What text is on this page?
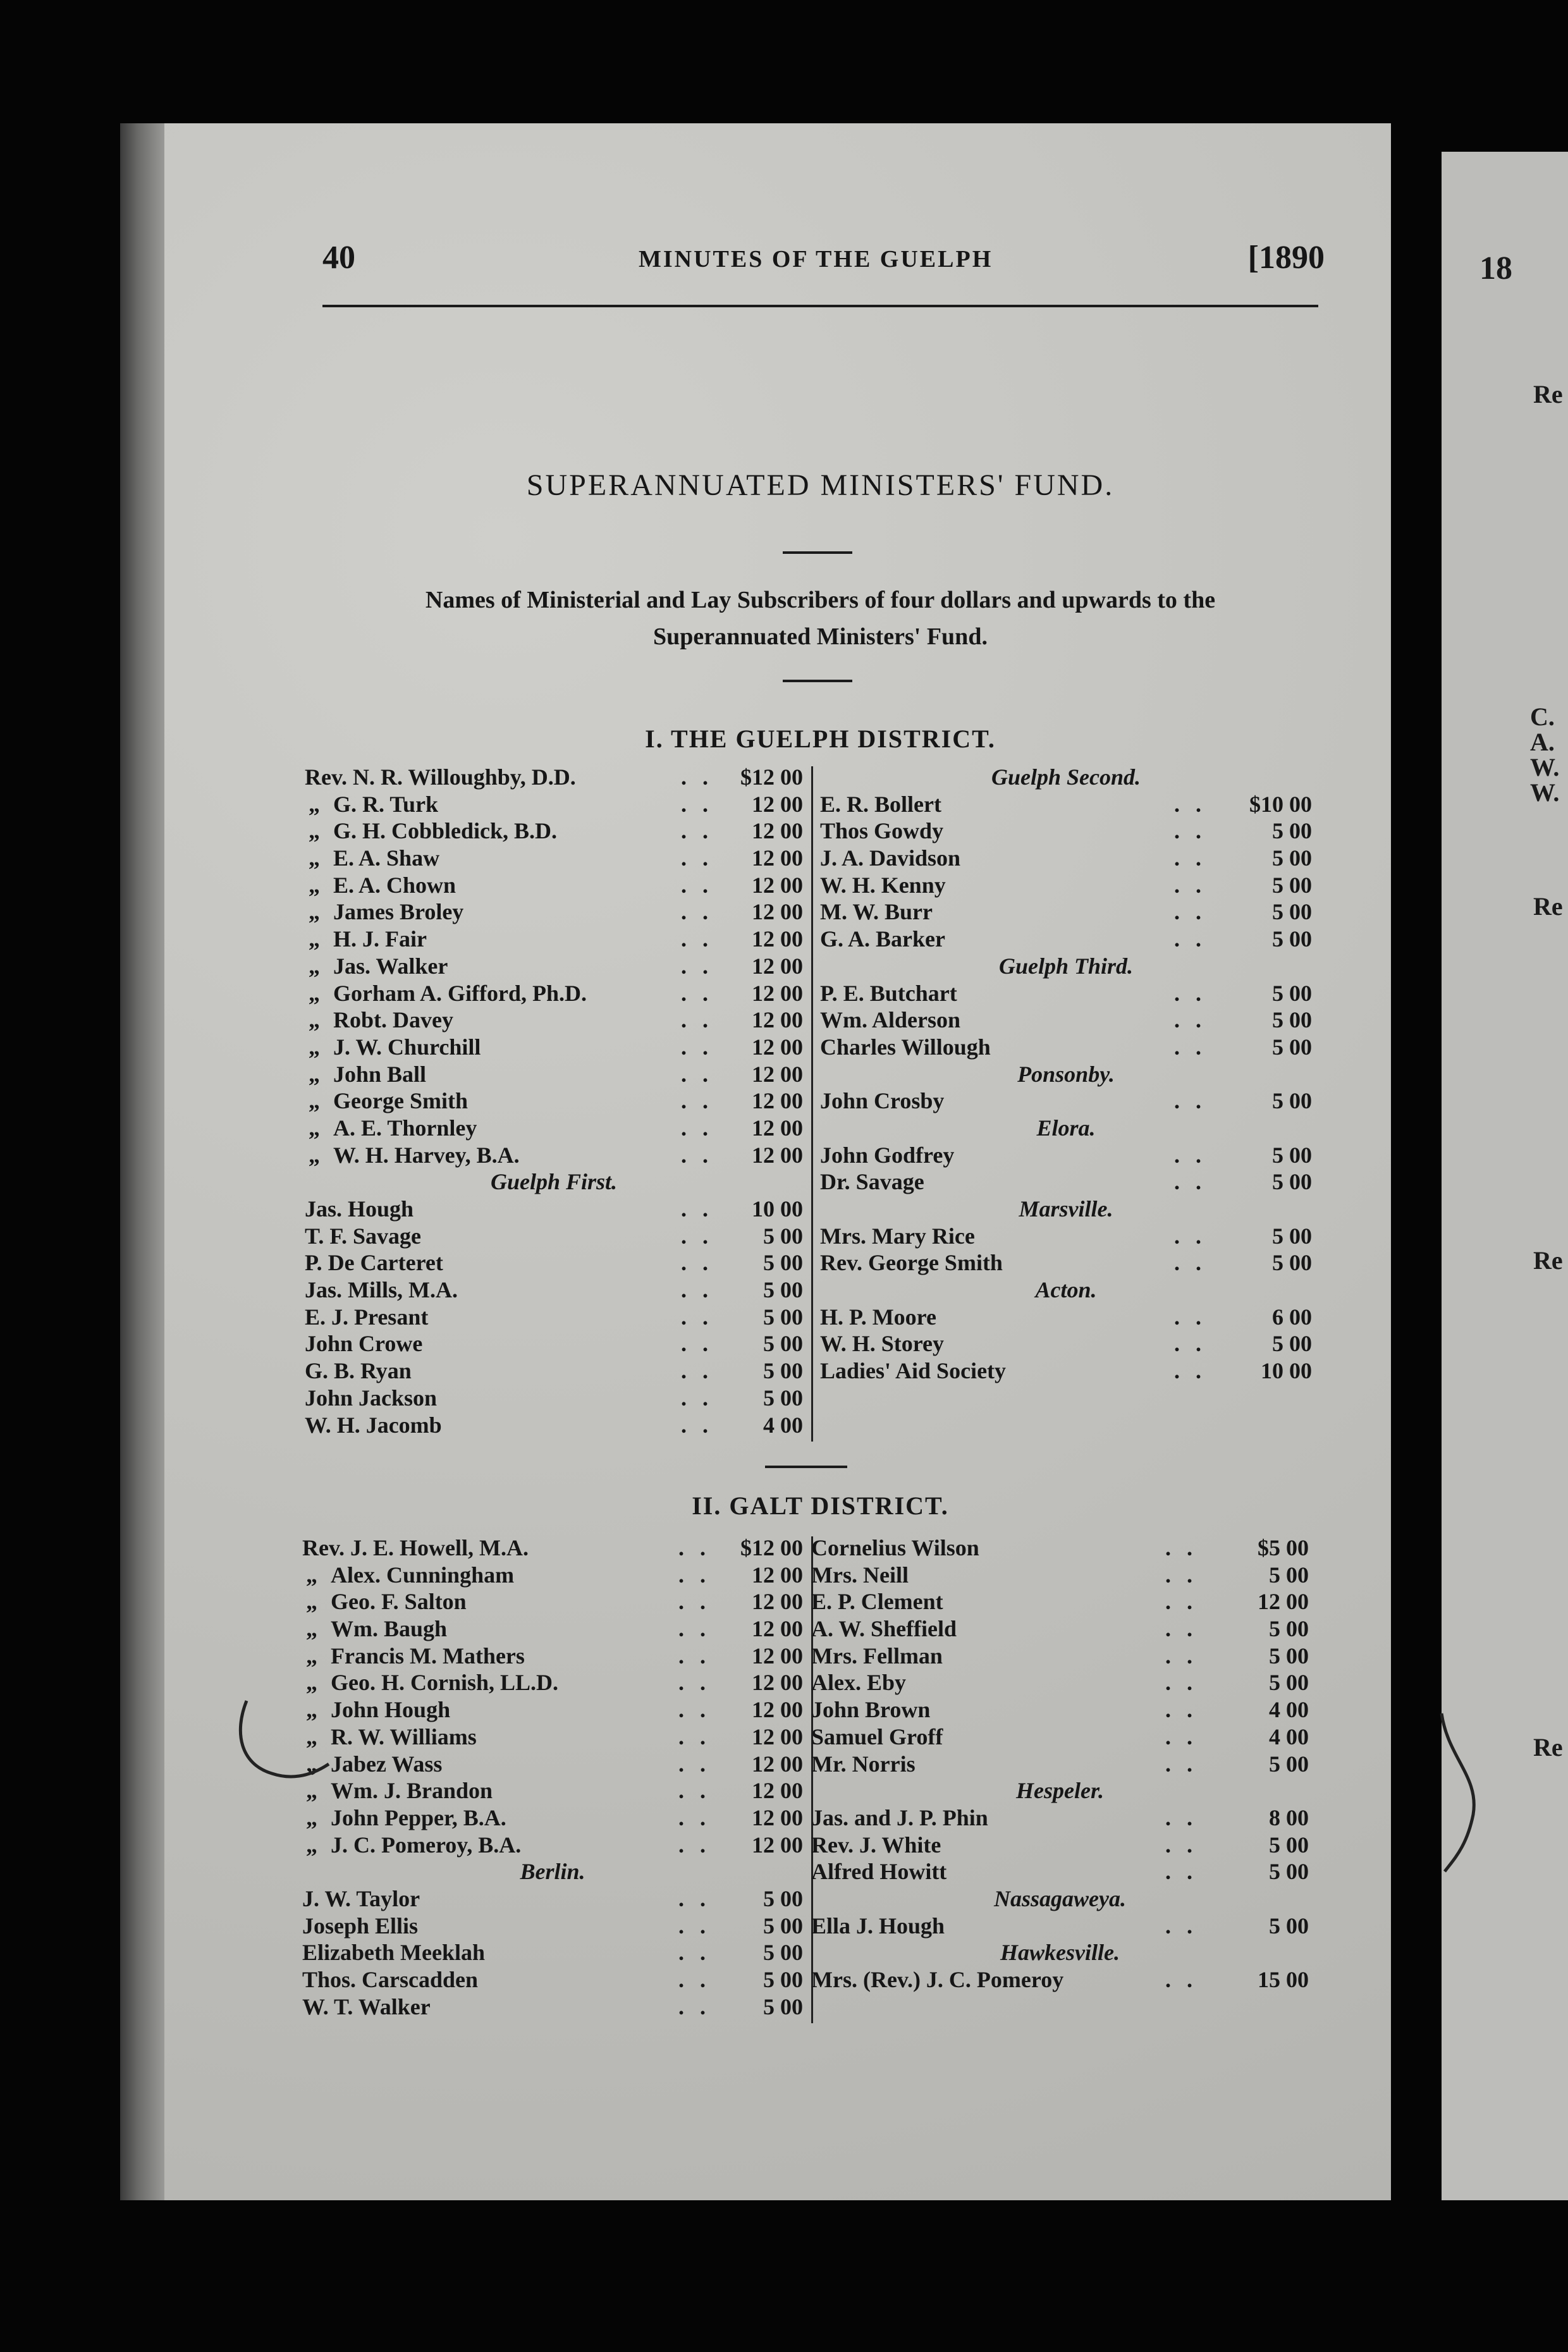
18
Re
C.
A.
W.
W.
Re
Re
Re
40	MINUTES OF THE GUELPH	[1890
SUPERANNUATED MINISTERS' FUND.
Names of Ministerial and Lay Subscribers of four dollars and upwards to the
Superannuated Ministers' Fund.
I. THE GUELPH DISTRICT.
Rev. N. R. Willoughby, D.D.	. . $12 00
„ G. R. Turk	. . 12 00
„ G. H. Cobbledick, B.D.	. . 12 00
„ E. A. Shaw	. . 12 00
„ E. A. Chown	. . 12 00
„ James Broley	. . 12 00
„ H. J. Fair	. . 12 00
„ Jas. Walker	. . 12 00
„ Gorham A. Gifford, Ph.D.	. . 12 00
„ Robt. Davey	. . 12 00
„ J. W. Churchill	. . 12 00
„ John Ball	. . 12 00
„ George Smith	. . 12 00
„ A. E. Thornley	. . 12 00
„ W. H. Harvey, B.A.	. . 12 00
Guelph First.
Jas. Hough	. . 10 00
T. F. Savage	. . 5 00
P. De Carteret	. . 5 00
Jas. Mills, M.A.	. . 5 00
E. J. Presant	. . 5 00
John Crowe	. . 5 00
G. B. Ryan	. . 5 00
John Jackson	. . 5 00
W. H. Jacomb	. . 4 00
Guelph Second.
E. R. Bollert	. . $10 00
Thos Gowdy	. .	5 00
J. A. Davidson	. .	5 00
W. H. Kenny	. .	5 00
M. W. Burr	. .	5 00
G. A. Barker	. .	5 00
Guelph Third.
P. E. Butchart	. .	5 00
Wm. Alderson	. .	5 00
Charles Willough	. .	5 00
Ponsonby.
John Crosby	. .	5 00
Elora.
John Godfrey	. .	5 00
Dr. Savage	. .	5 00
Marsville.
Mrs. Mary Rice	. .	5 00
Rev. George Smith	. .	5 00
Acton.
H. P. Moore	. .	6 00
W. H. Storey	. .	5 00
Ladies' Aid Society	. . 10 00
II. GALT DISTRICT.
Rev. J. E. Howell, M.A.	. . $12 00
„ Alex. Cunningham	. . 12 00
„ Geo. F. Salton	. . 12 00
„ Wm. Baugh	. . 12 00
„ Francis M. Mathers	. . 12 00
„ Geo. H. Cornish, LL.D.	. . 12 00
„ John Hough	. . 12 00
„ R. W. Williams	. . 12 00
„ Jabez Wass	. . 12 00
„ Wm. J. Brandon	. . 12 00
„ John Pepper, B.A.	. . 12 00
„ J. C. Pomeroy, B.A.	. . 12 00
Berlin.
J. W. Taylor	. . 5 00
Joseph Ellis	. . 5 00
Elizabeth Meeklah	. . 5 00
Thos. Carscadden	. . 5 00
W. T. Walker	. . 5 00
Cornelius Wilson	. .	$5 00
Mrs. Neill	. .	5 00
E. P. Clement	. .	12 00
A. W. Sheffield	. .	5 00
Mrs. Fellman	. .	5 00
Alex. Eby	. .	5 00
John Brown	. .	4 00
Samuel Groff	. .	4 00
Mr. Norris	. .	5 00
Hespeler.
Jas. and J. P. Phin	. .	8 00
Rev. J. White	. .	5 00
Alfred Howitt	. .	5 00
Nassagaweya.
Ella J. Hough	. .	5 00
Hawkesville.
Mrs. (Rev.) J. C. Pomeroy	. .	15 00
